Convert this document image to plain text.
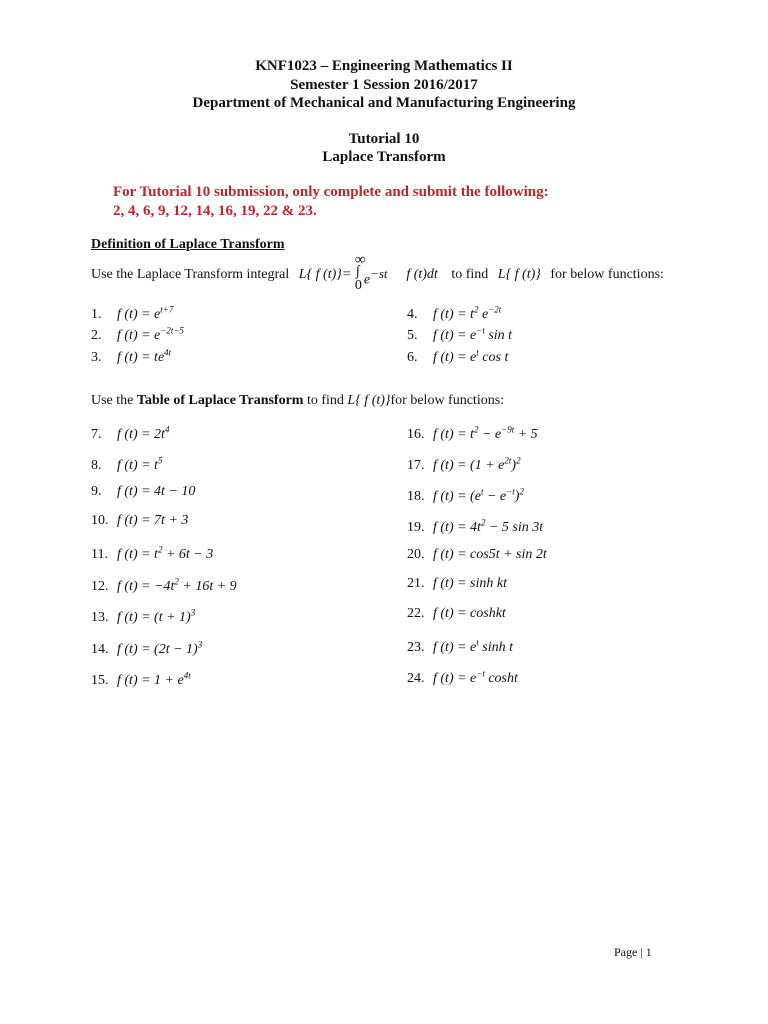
KNF1023 – Engineering Mathematics II
Semester 1 Session 2016/2017
Department of Mechanical and Manufacturing Engineering
Tutorial 10
Laplace Transform
For Tutorial 10 submission, only complete and submit the following:
2, 4, 6, 9, 12, 14, 16, 19, 22 & 23.
Definition of Laplace Transform
Use the Laplace Transform integral L{ f (t)}=
∞
∫
0 $e^{-st}$ f (t)dt to find L{ f (t)} for below functions:
1. f $(t) = e^{t+7}$
2. f $(t) = e^{-2t-5}$
3. f $(t) = te^{4t}$
4. f $(t) = t^2$ $e^{-2t}$
5. f $(t) = e^{-t}$ sin t
6. f $(t) = e^t$ cos t
Use the Table of Laplace Transform to find L{ f (t)}for below functions:
7. f $(t) = 2t^4$
8. f $(t) = t^5$
9. f (t) = 4t − 10
10. f (t) = 7t + 3
11. f $(t) = t^2 + 6t - 3$
12. f $(t) = -4t^2 + 16t + 9$
13. f $(t) = (t + 1)^3$
14. f $(t) = (2t - 1)^3$
15. f $(t) = 1 + e^{4t}$
16. f $(t) = t^2 - e^{-9t} + 5$
17. f $(t) = (1 + e^{2t})^2$
18. f $(t) = (e^t - e^{-t})^2$
19. f $(t) = 4t^2 - 5$ sin 3t
20. f (t) = cos5t + sin 2t
21. f (t) = sinh kt
22. f (t) = coshkt
23. f $(t) = e^t$ sinh t
24. f $(t) = e^{-t}$ cosht
Page | 1
